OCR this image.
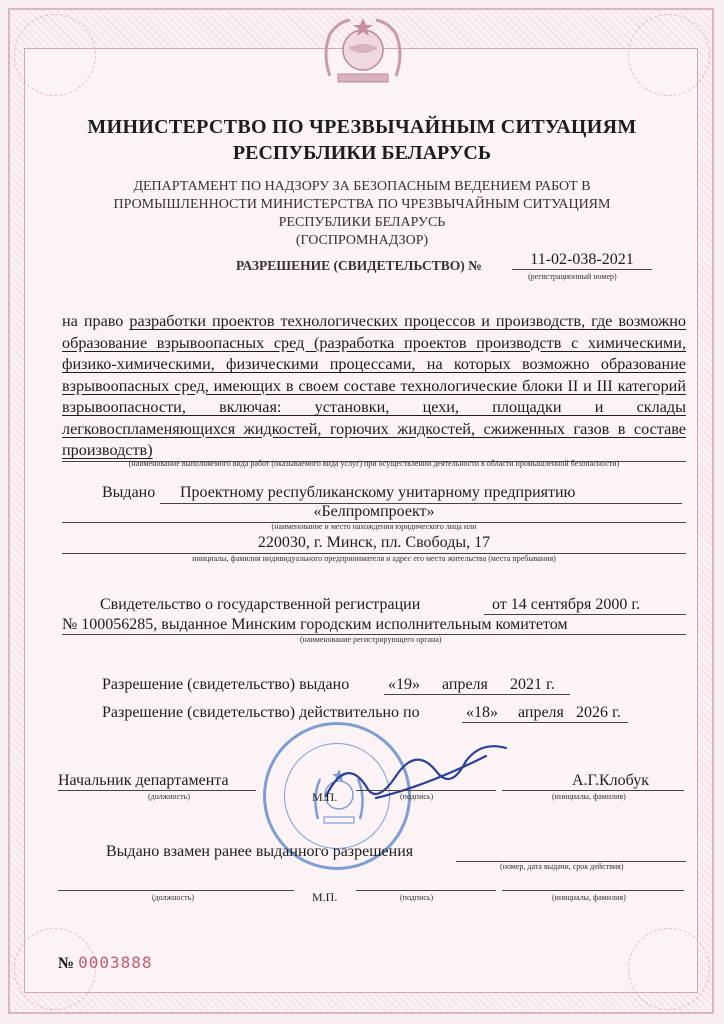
МИНИСТЕРСТВО ПО ЧРЕЗВЫЧАЙНЫМ СИТУАЦИЯМ
РЕСПУБЛИКИ БЕЛАРУСЬ
ДЕПАРТАМЕНТ ПО НАДЗОРУ ЗА БЕЗОПАСНЫМ ВЕДЕНИЕМ РАБОТ В
ПРОМЫШЛЕННОСТИ МИНИСТЕРСТВА ПО ЧРЕЗВЫЧАЙНЫМ СИТУАЦИЯМ
РЕСПУБЛИКИ БЕЛАРУСЬ
(ГОСПРОМНАДЗОР)
РАЗРЕШЕНИЕ (СВИДЕТЕЛЬСТВО) №	11-02-038-2021
(регистрационный номер)
на право разработки проектов технологических процессов и производств, где возможно образование взрывоопасных сред (разработка проектов производств с химическими, физико-химическими, физическими процессами, на которых возможно образование взрывоопасных сред, имеющих в своем составе технологические блоки II и III категорий взрывоопасности, включая: установки, цехи, площадки и склады легковоспламеняющихся жидкостей, горючих жидкостей, сжиженных газов в составе производств)
(наименование выполняемого вида работ (оказываемого вида услуг) при осуществлении деятельности в области промышленной безопасности)
Выдано Проектному республиканскому унитарному предприятию
«Белпромпроект»
(наименование и место нахождения юридического лица или
220030, г. Минск, пл. Свободы, 17
инициалы, фамилия индивидуального предпринимателя и адрес его места жительства (места пребывания)
Свидетельство о государственной регистрации	от 14 сентября 2000 г.
№ 100056285, выданное Минским городским исполнительным комитетом
(наименование регистрирующего органа)
Разрешение (свидетельство) выдано «19» апреля 2021 г.
Разрешение (свидетельство) действительно по	«18» апреля 2026 г.
Начальник департамента
(должность)	М.П.	(подпись)
А.Г.Клобук
(инициалы, фамилия)
Выдано взамен ранее выданного разрешения
(номер, дата выдачи, срок действия)
(должность)	М.П.	(подпись)	(инициалы, фамилия)
№ 0003888
